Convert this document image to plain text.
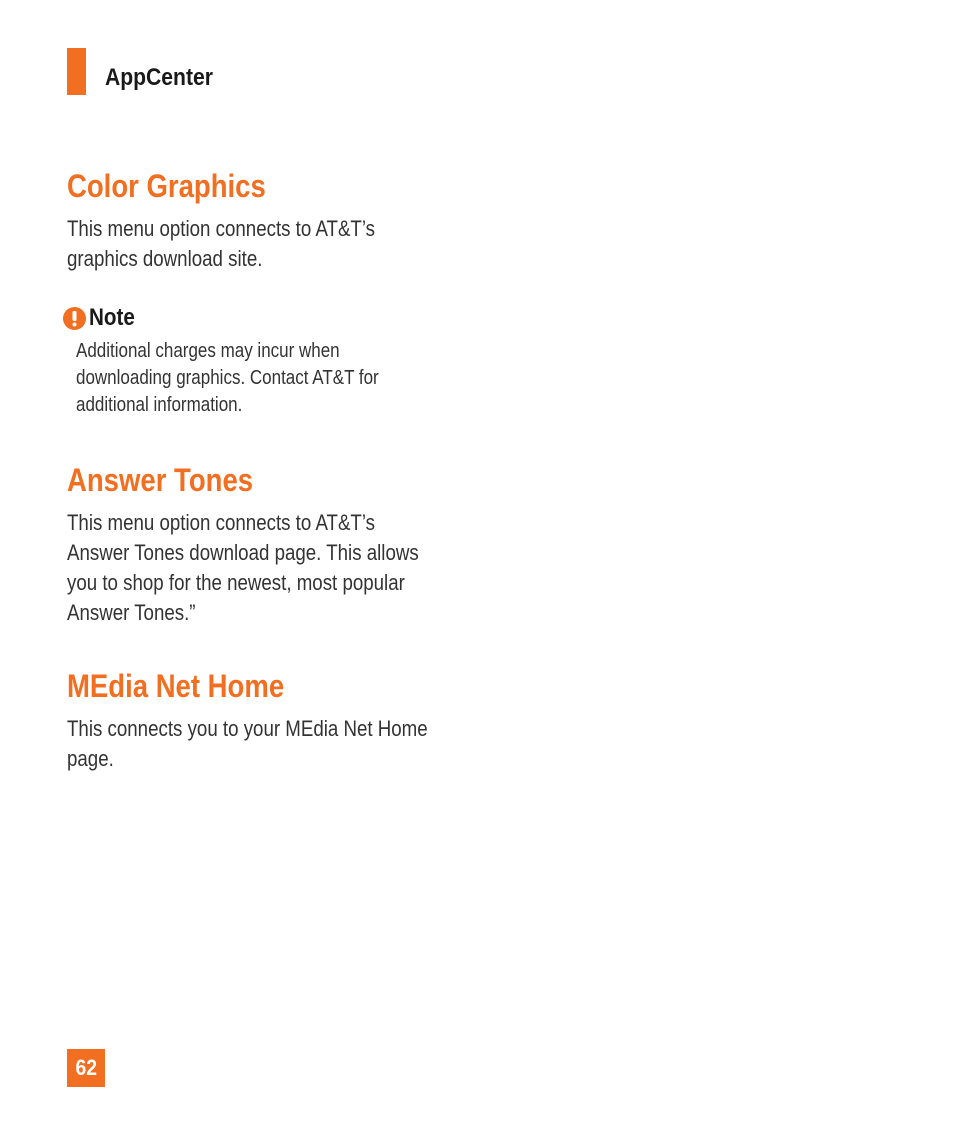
AppCenter
Color Graphics

This menu option connects to AT&T’s graphics download site.

Note

Additional charges may incur when downloading graphics. Contact AT&T for additional information.

Answer Tones

This menu option connects to AT&T’s Answer Tones download page. This allows you to shop for the newest, most popular Answer Tones.”

MEdia Net Home

This connects you to your MEdia Net Home page.

62
